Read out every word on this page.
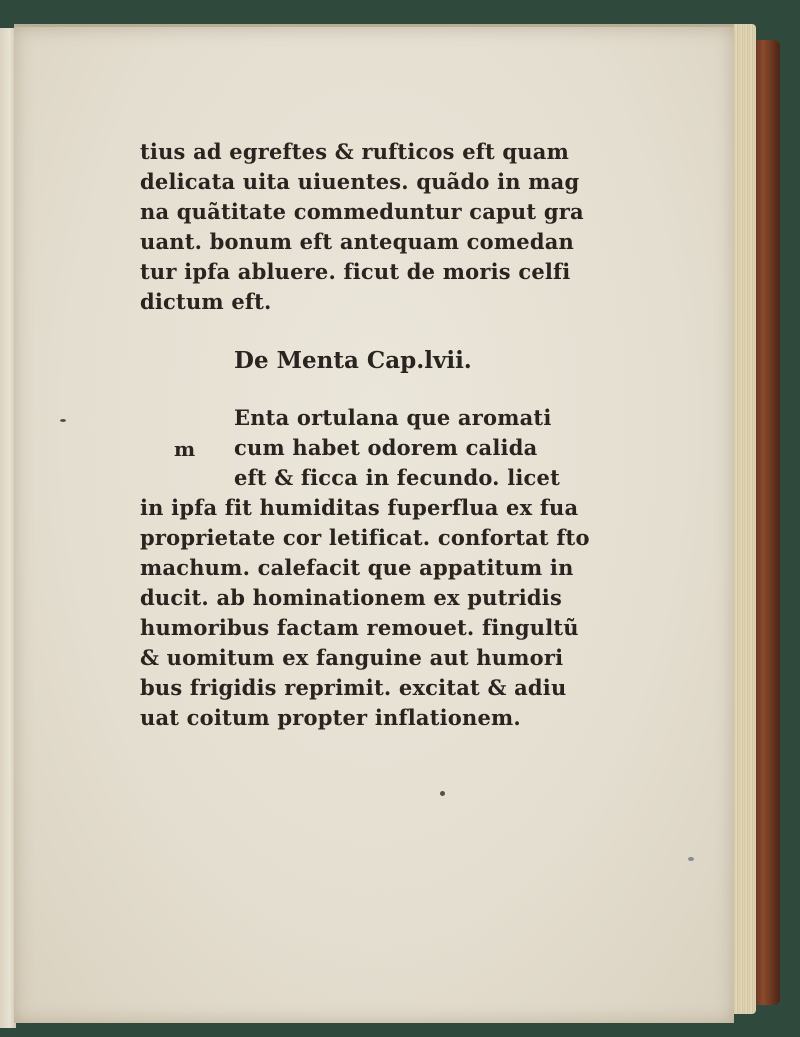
tius ad egreftes & rufticos eft quam
delicata uita uiuentes. quãdo in mag
na quãtitate commeduntur caput gra
uant. bonum eft antequam comedan
tur ipfa abluere. ficut de moris celfi
dictum eft.
De Menta Cap.lvii.
m
Enta ortulana que aromati
cum habet odorem calida
eft & ficca in fecundo. licet
in ipfa fit humiditas fuperflua ex fua
proprietate cor letificat. confortat fto
machum. calefacit que appatitum in
ducit. ab hominationem ex putridis
humoribus factam remouet. fingultũ
& uomitum ex fanguine aut humori
bus frigidis reprimit. excitat & adiu
uat coitum propter inflationem.
